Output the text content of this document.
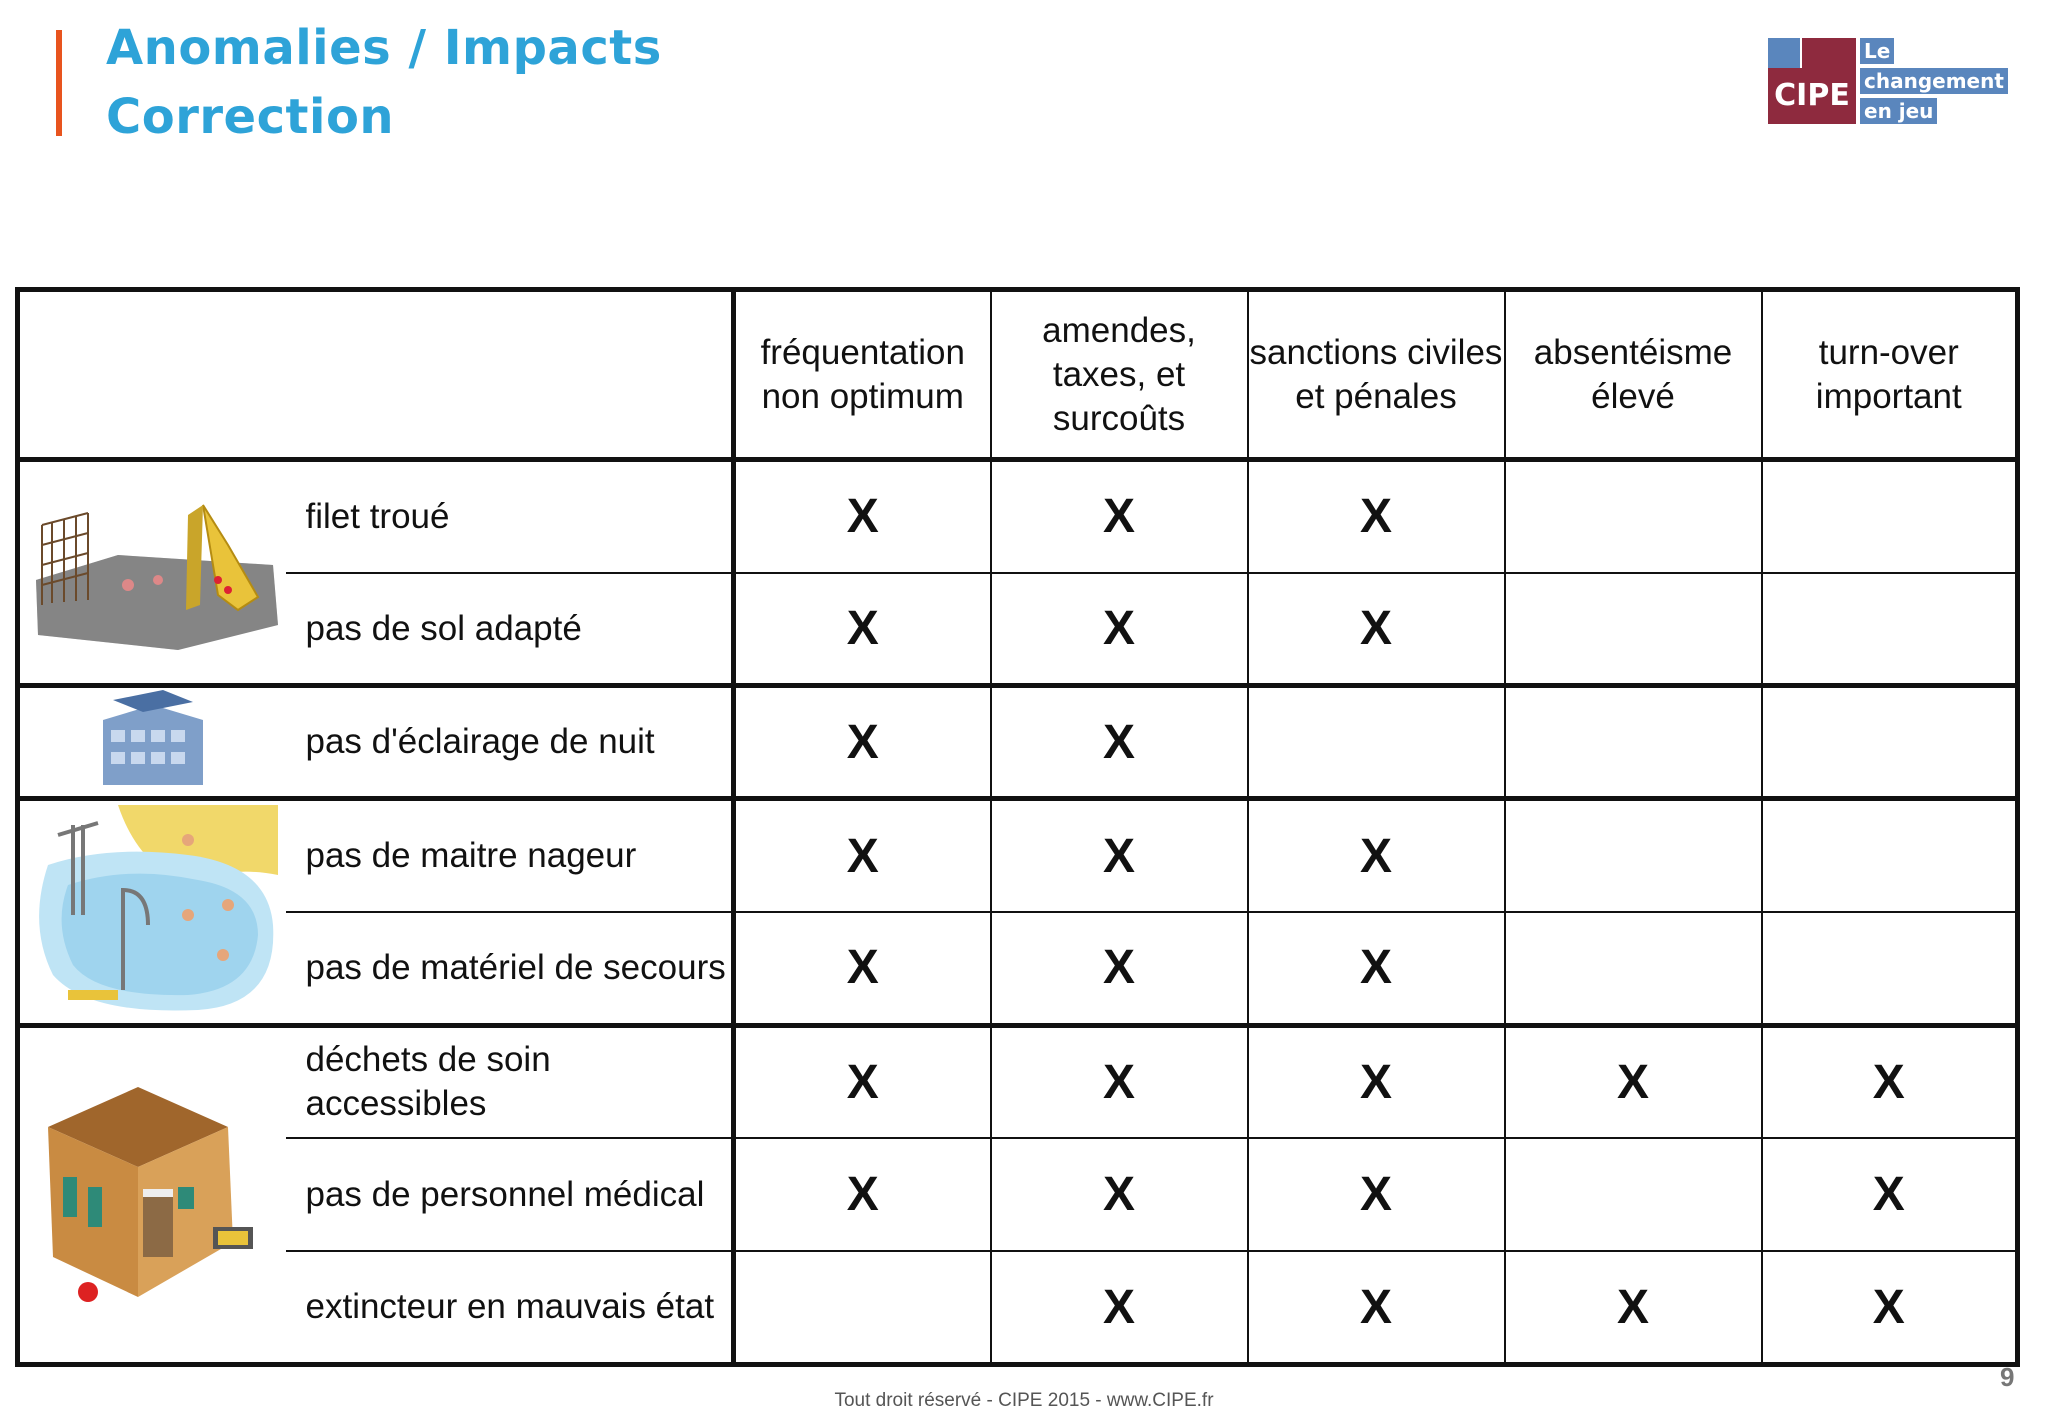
Anomalies / Impacts
Correction	CIPE
Le
changement
en jeu
		fréquentation non optimum	amendes, taxes, et surcoûts	sanctions civiles et pénales	absentéisme élevé	turn-over important
	filet troué	X	X	X		
	pas de sol adapté	X	X	X		
	pas d'éclairage de nuit	X	X			
	pas de maitre nageur	X	X	X		
	pas de matériel de secours	X	X	X		
	déchets de soin accessibles	X	X	X	X	X
	pas de personnel médical	X	X	X		X
	extincteur en mauvais état		X	X	X	X
Tout droit réservé - CIPE 2015 - www.CIPE.fr
9
